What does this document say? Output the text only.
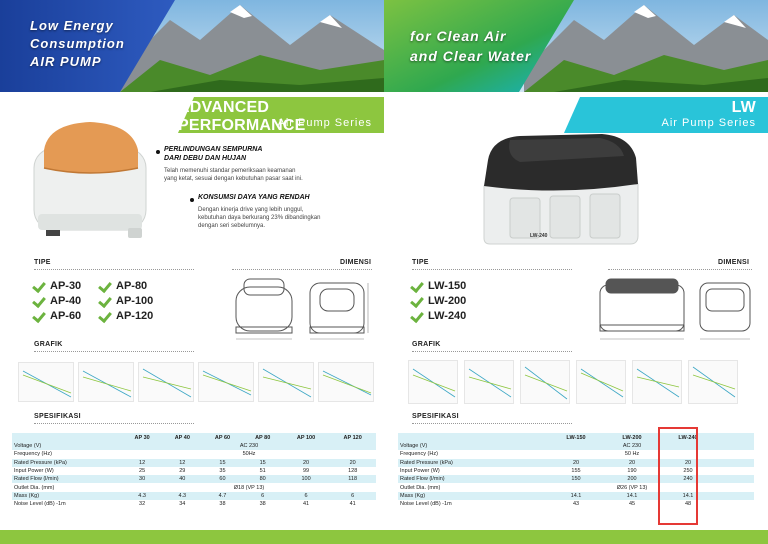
Low Energy
Consumption
AIR PUMP
ADVANCED PERFORMANCE
Air Pump Series
PERLINDUNGAN SEMPURNA
DARI DEBU DAN HUJAN
Telah memenuhi standar pemeriksaan keamanan
yang ketat, sesuai dengan kebutuhan pasar saat ini.
KONSUMSI DAYA YANG RENDAH
Dengan kinerja drive yang lebih unggul,
kebutuhan daya berkurang 23% dibandingkan
dengan seri sebelumnya.
TIPE	DIMENSI
AP-30
AP-40
AP-60
AP-80
AP-100
AP-120
GRAFIK
SPESIFIKASI
	AP 30	AP 40	AP 60	AP 80	AP 100	AP 120
Voltage (V)	AC 230					
Frequency (Hz)	50Hz					
Rated Pressure (kPa)	12	12	15	15	20	20
Input Power (W)	25	29	35	51	99	128
Rated Flow (l/min)	30	40	60	80	100	118
Outlet Dia. (mm)	Ø18 (VP 13)					
Mass (Kg)	4.3	4.3	4.7	6	6	6
Noise Level (dB) -1m	32	34	38	38	41	41
for Clean Air
and Clear Water
LW
Air Pump Series
LW-240
TIPE	DIMENSI
LW-150
LW-200
LW-240
GRAFIK
SPESIFIKASI
	LW-150	LW-200	LW-240	
Voltage (V)	AC 230			
Frequency (Hz)	50 Hz			
Rated Pressure (kPa)	20	20	20	
Input Power (W)	155	190	250	
Rated Flow (l/min)	150	200	240	
Outlet Dia. (mm)	Ø26 (VP 13)			
Mass (Kg)	14.1	14.1	14.1	
Noise Level (dB) -1m	43	45	48	
